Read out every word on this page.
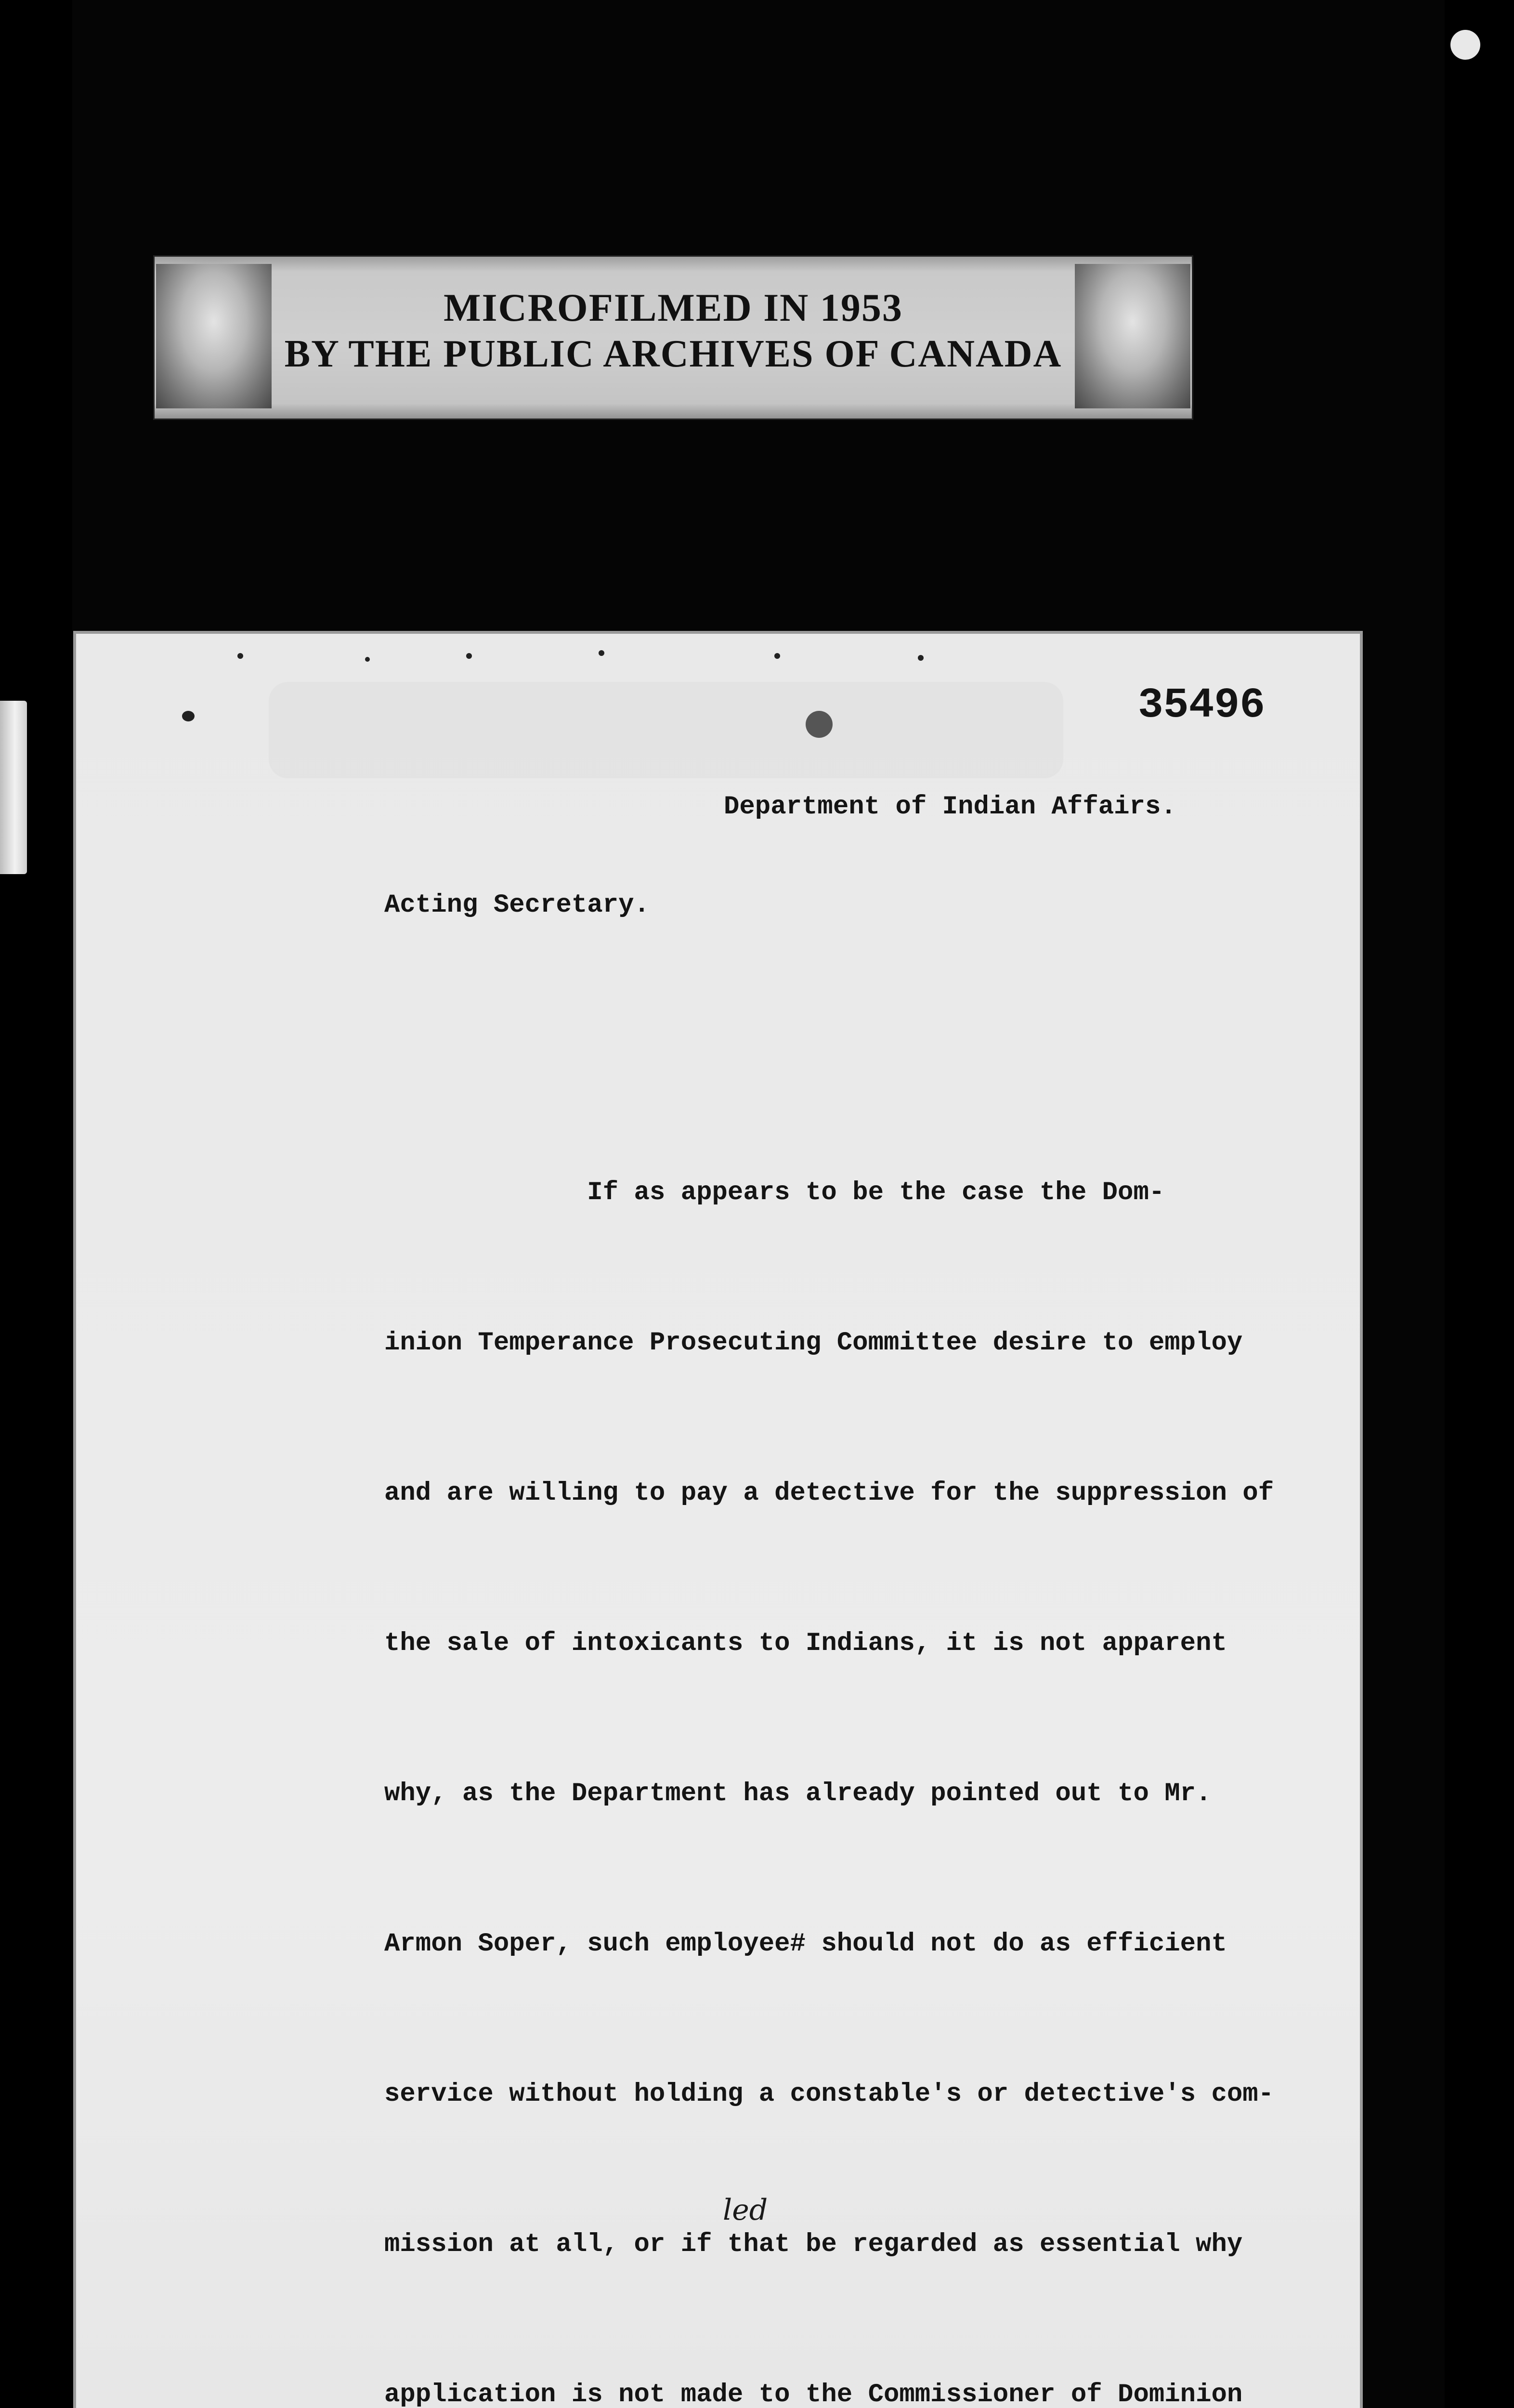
MICROFILMED IN 1953
BY THE PUBLIC ARCHIVES OF CANADA
35496
Department of Indian Affairs.
Acting Secretary.

If as appears to be the case the Dom-

inion Temperance Prosecuting Committee desire to employ

and are willing to pay a detective for the suppression of

the sale of intoxicants to Indians, it is not apparent

why, as the Department has already pointed out to Mr.

Armon Soper, such employee# should not do as efficient

service without holding a constable's or detective's com-

mission at all, or if that be regarded as essential why

application is not made to the Commissioner of Dominion

led
